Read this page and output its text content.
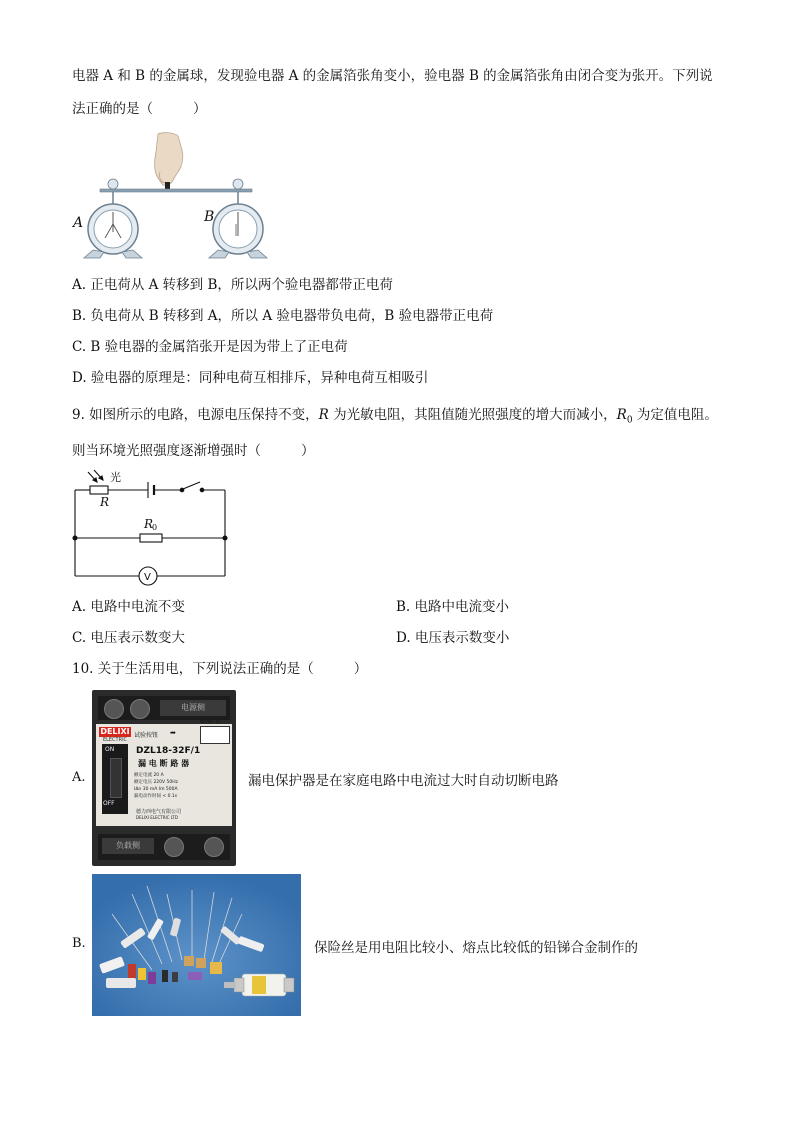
电器 A 和 B 的金属球，发现验电器 A 的金属箔张角变小，验电器 B 的金属箔张角由闭合变为张开。下列说
法正确的是（	）
A	B
A. 正电荷从 A 转移到 B，所以两个验电器都带正电荷
B. 负电荷从 B 转移到 A，所以 A 验电器带负电荷，B 验电器带正电荷
C. B 验电器的金属箔张开是因为带上了正电荷
D. 验电器的原理是：同种电荷互相排斥，异种电荷互相吸引
9. 如图所示的电路，电源电压保持不变，R 为光敏电阻，其阻值随光照强度的增大而减小，$R_0$ 为定值电阻。
则当环境光照强度逐渐增强时（	）
光
R
R
0
V
A. 电路中电流不变	B. 电路中电流变小
C. 电压表示数变大	D. 电压表示数变小
10. 关于生活用电，下列说法正确的是（	）
A.
电源侧
DELIXI
ELECTRIC
ON
OFF
试验按钮 ➡
每月按一次
DZL18-32F/1
漏 电 断 路 器
额定电流 20 A
额定电压 220V 50Hz
IΔn 30 mA Im 500A
漏电动作时间 < 0.1s
德力西电气有限公司
DELIXI ELECTRIC LTD
负载侧
漏电保护器是在家庭电路中电流过大时自动切断电路
B.	保险丝是用电阻比较小、熔点比较低的铅锑合金制作的
